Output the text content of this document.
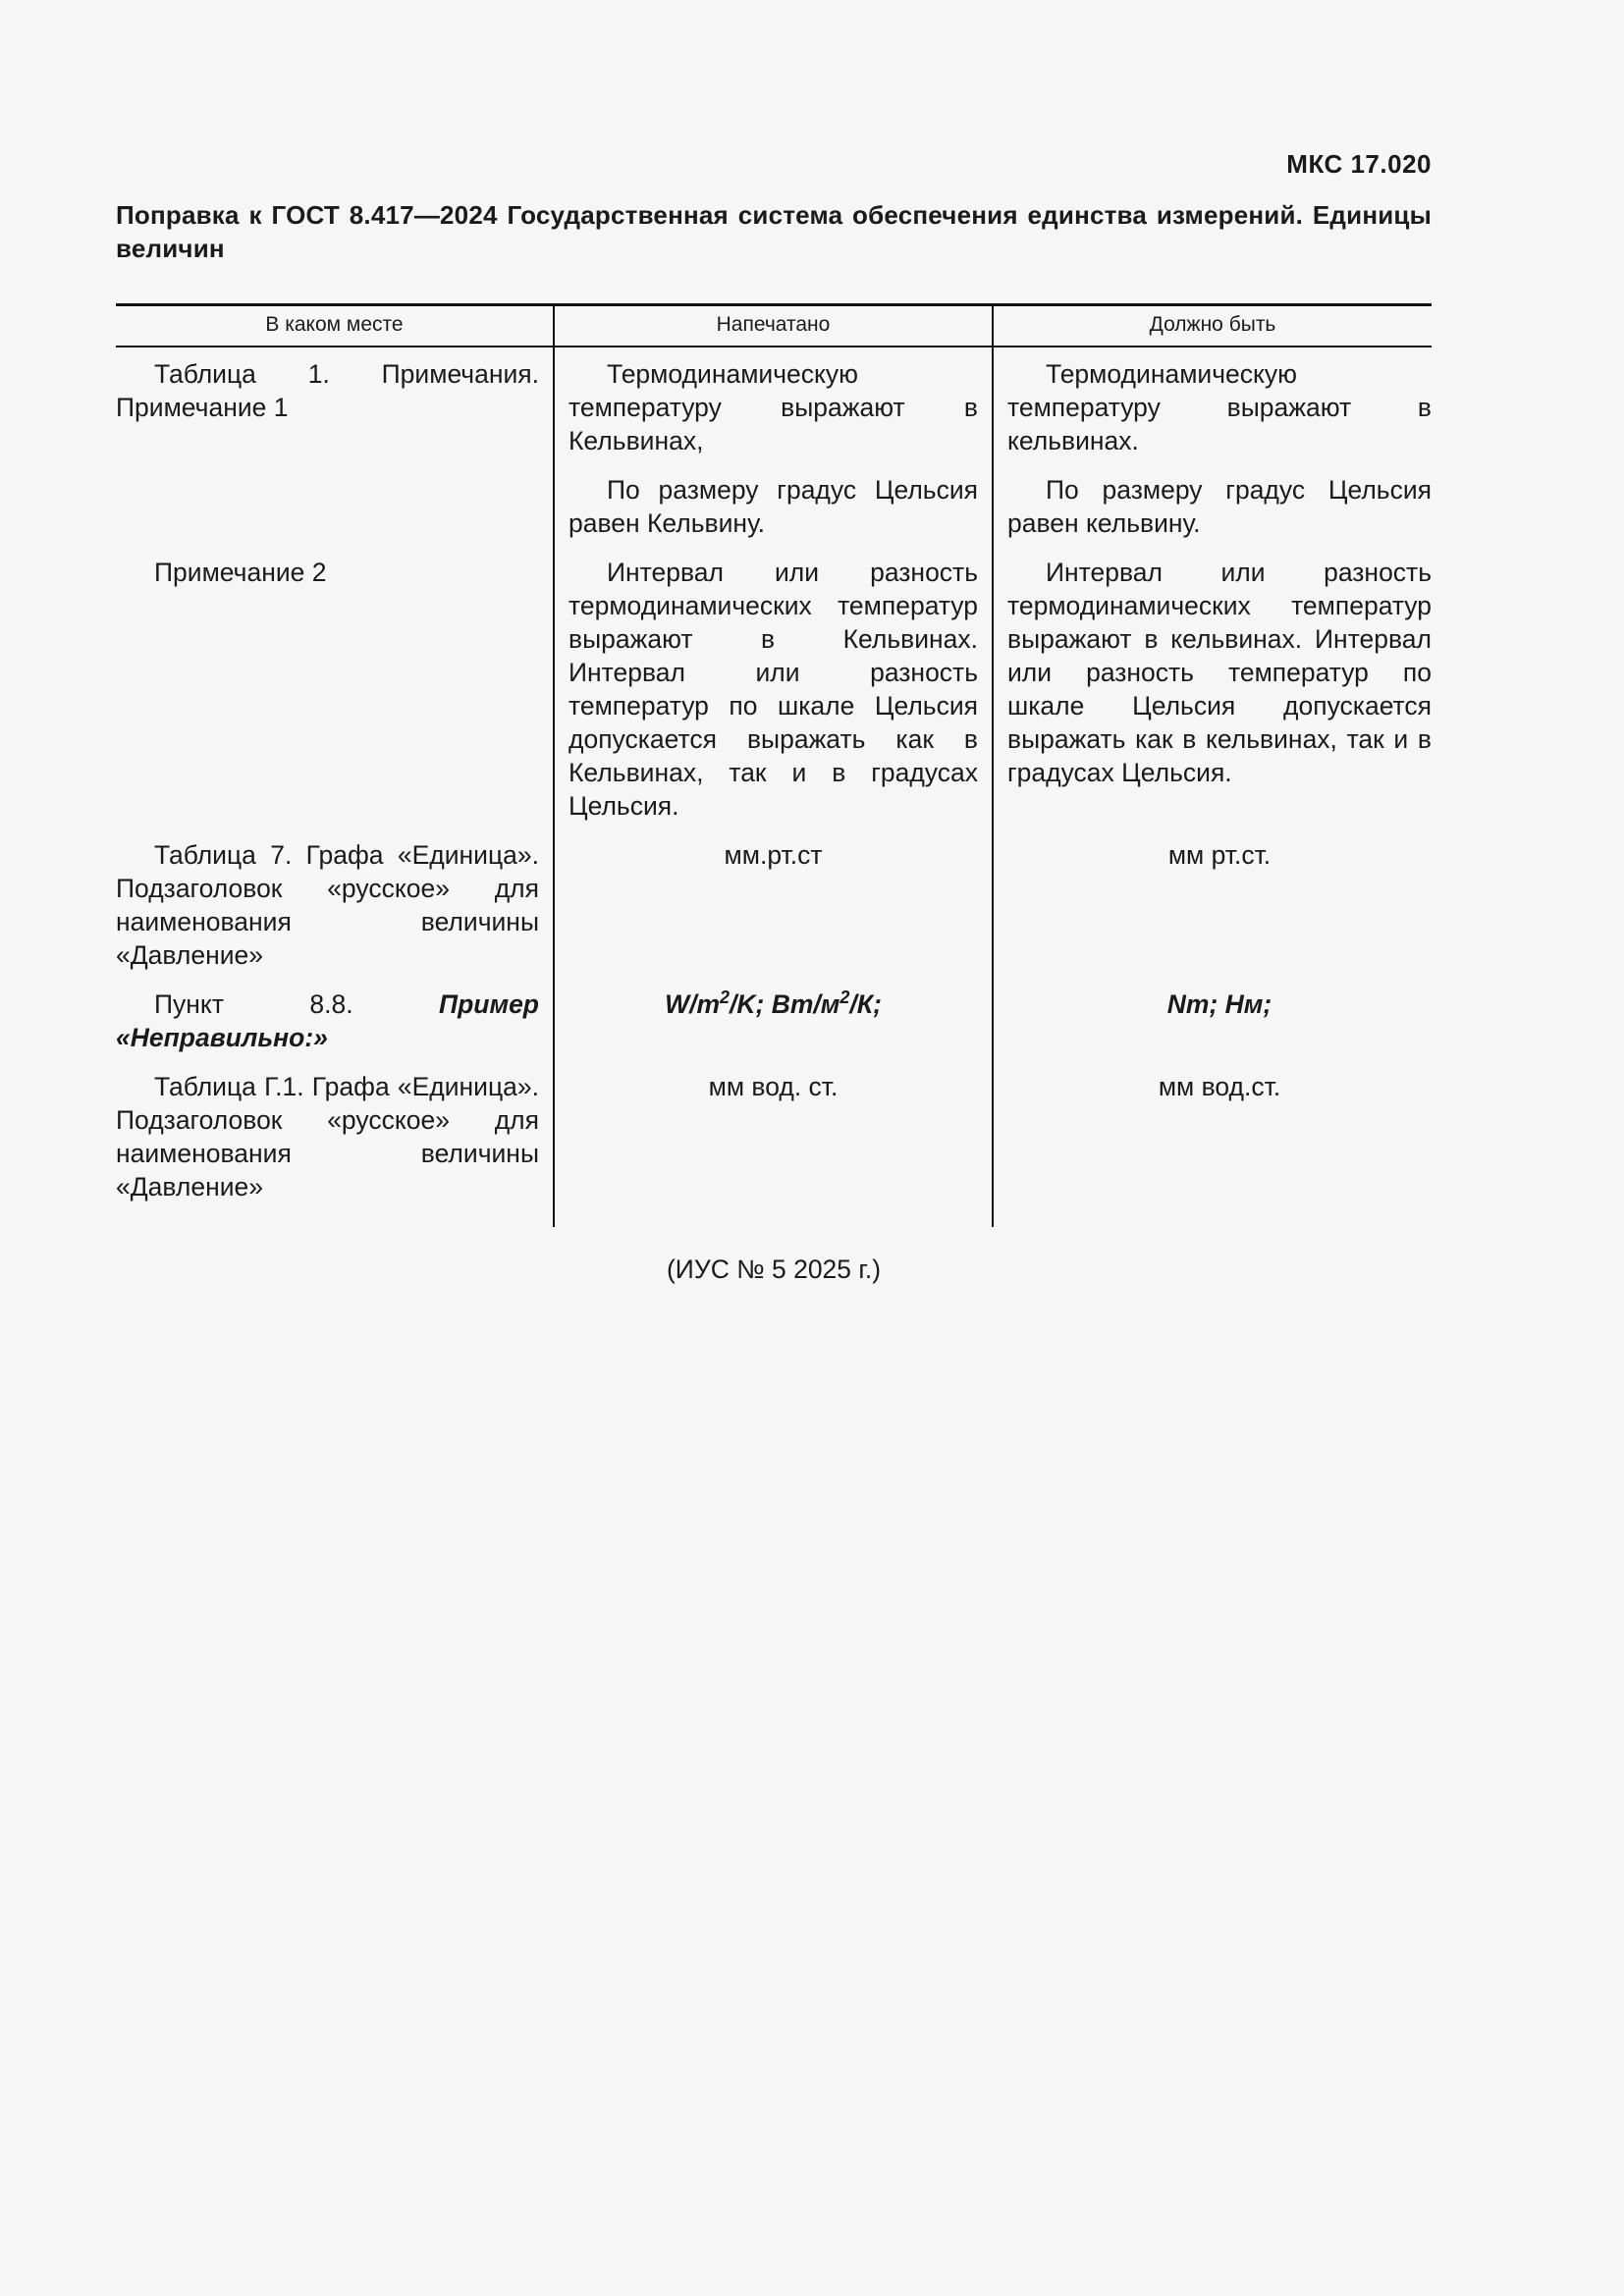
МКС 17.020
Поправка к ГОСТ 8.417—2024 Государственная система обеспечения единства измерений. Единицы величин
В каком месте	Напечатано	Должно быть

Таблица 1. Примечания. Примечание 1	Термодинамическую температуру выражают в Кельвинах,	Термодинамическую температуру выражают в кельвинах.

	По размеру градус Цельсия равен Кельвину.	По размеру градус Цельсия равен кельвину.

Примечание 2	Интервал или разность термодинамических температур выражают в Кельвинах. Интервал или разность температур по шкале Цельсия допускается выражать как в Кельвинах, так и в градусах Цельсия.	Интервал или разность термодинамических температур выражают в кельвинах. Интервал или разность температур по шкале Цельсия допускается выражать как в кельвинах, так и в градусах Цельсия.

Таблица 7. Графа «Единица». Подзаголовок «русское» для наименования величины «Давление»	мм.рт.ст	мм рт.ст.

Пункт 8.8. Пример «Неправильно:»	$W/m^2/K$; $Вт/м^2/К$;	Nm; Нм;

Таблица Г.1. Графа «Единица». Подзаголовок «русское» для наименования величины «Давление»	мм вод. ст.	мм вод.ст.

(ИУС № 5 2025 г.)
